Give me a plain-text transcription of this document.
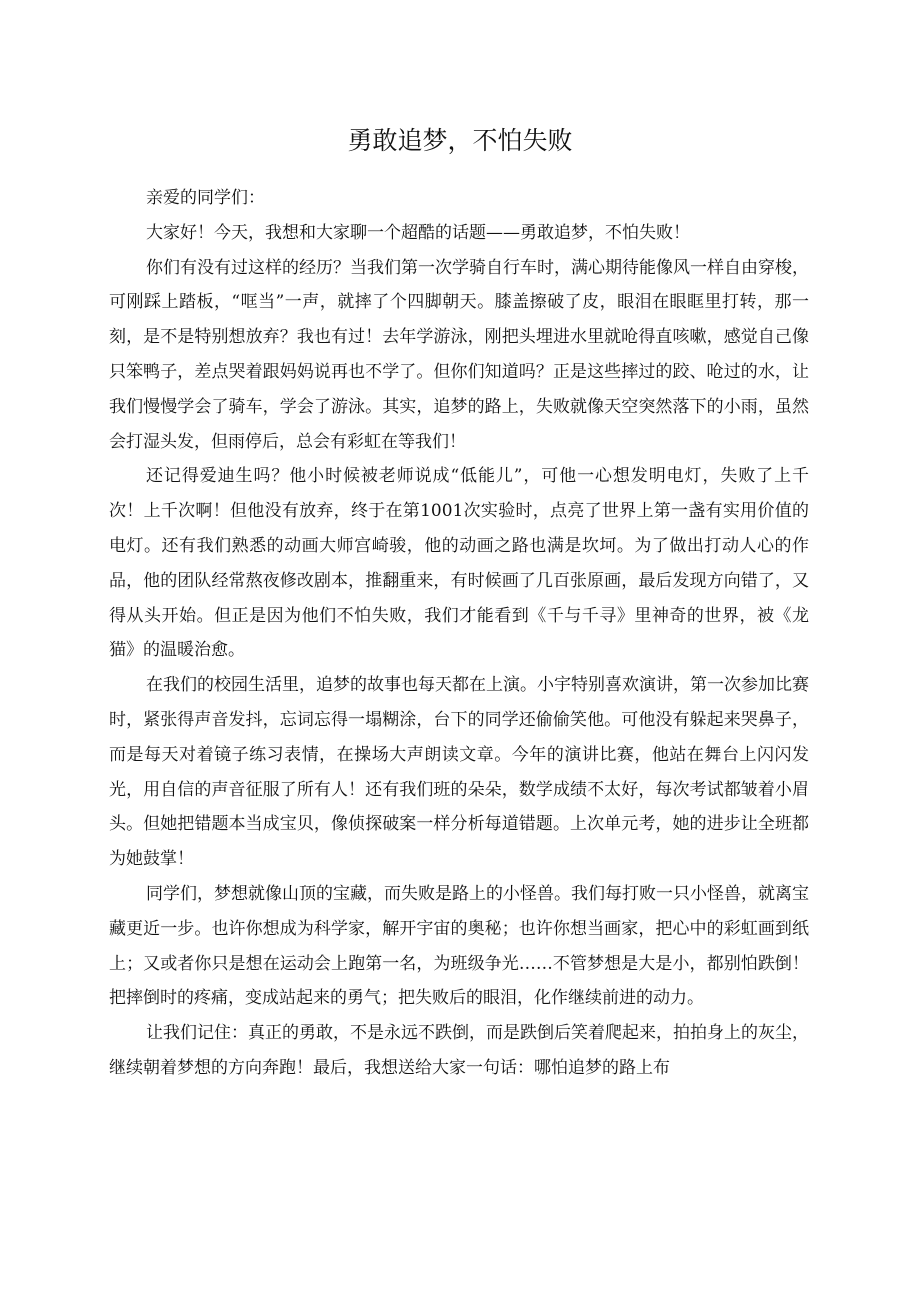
勇敢追梦，不怕失败

亲爱的同学们：

大家好！今天，我想和大家聊一个超酷的话题——勇敢追梦，不怕失败！

你们有没有过这样的经历？当我们第一次学骑自行车时，满心期待能像风一样自由穿梭，可刚踩上踏板，“哐当”一声，就摔了个四脚朝天。膝盖擦破了皮，眼泪在眼眶里打转，那一刻，是不是特别想放弃？我也有过！去年学游泳，刚把头埋进水里就呛得直咳嗽，感觉自己像只笨鸭子，差点哭着跟妈妈说再也不学了。但你们知道吗？正是这些摔过的跤、呛过的水，让我们慢慢学会了骑车，学会了游泳。其实，追梦的路上，失败就像天空突然落下的小雨，虽然会打湿头发，但雨停后，总会有彩虹在等我们！

还记得爱迪生吗？他小时候被老师说成“低能儿”，可他一心想发明电灯，失败了上千次！上千次啊！但他没有放弃，终于在第1001次实验时，点亮了世界上第一盏有实用价值的电灯。还有我们熟悉的动画大师宫崎骏，他的动画之路也满是坎坷。为了做出打动人心的作品，他的团队经常熬夜修改剧本，推翻重来，有时候画了几百张原画，最后发现方向错了，又得从头开始。但正是因为他们不怕失败，我们才能看到《千与千寻》里神奇的世界，被《龙猫》的温暖治愈。

在我们的校园生活里，追梦的故事也每天都在上演。小宇特别喜欢演讲，第一次参加比赛时，紧张得声音发抖，忘词忘得一塌糊涂，台下的同学还偷偷笑他。可他没有躲起来哭鼻子，而是每天对着镜子练习表情，在操场大声朗读文章。今年的演讲比赛，他站在舞台上闪闪发光，用自信的声音征服了所有人！还有我们班的朵朵，数学成绩不太好，每次考试都皱着小眉头。但她把错题本当成宝贝，像侦探破案一样分析每道错题。上次单元考，她的进步让全班都为她鼓掌！

同学们，梦想就像山顶的宝藏，而失败是路上的小怪兽。我们每打败一只小怪兽，就离宝藏更近一步。也许你想成为科学家，解开宇宙的奥秘；也许你想当画家，把心中的彩虹画到纸上；又或者你只是想在运动会上跑第一名，为班级争光……不管梦想是大是小，都别怕跌倒！把摔倒时的疼痛，变成站起来的勇气；把失败后的眼泪，化作继续前进的动力。

让我们记住：真正的勇敢，不是永远不跌倒，而是跌倒后笑着爬起来，拍拍身上的灰尘，继续朝着梦想的方向奔跑！最后，我想送给大家一句话：哪怕追梦的路上布
